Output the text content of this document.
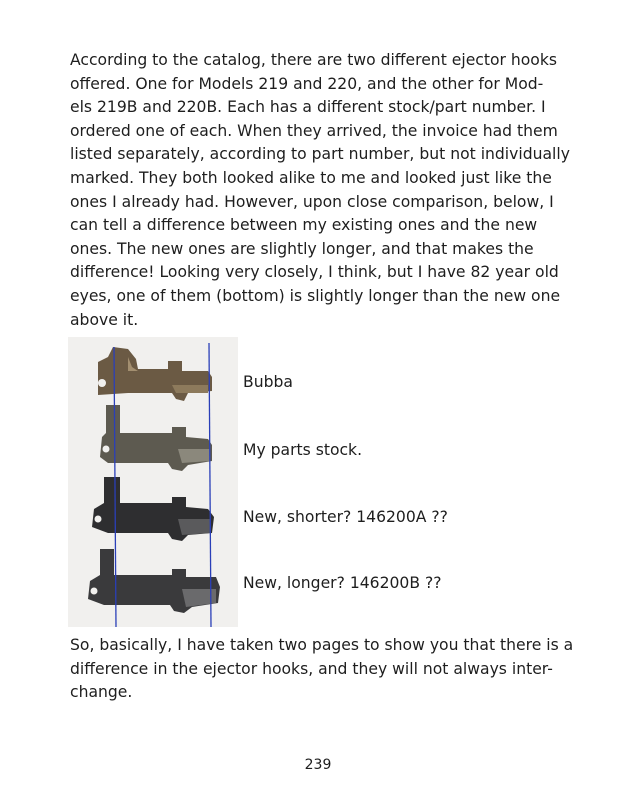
According to the catalog, there are two different ejector hooks
offered. One for Models 219 and 220, and the other for Mod-
els 219B and 220B. Each has a different stock/part number. I
ordered one of each. When they arrived, the invoice had them
listed separately, according to part number, but not individually
marked. They both looked alike to me and looked just like the
ones I already had. However, upon close comparison, below, I
can tell a difference between my existing ones and the new
ones. The new ones are slightly longer, and that makes the
difference! Looking very closely, I think, but I have 82 year old
eyes, one of them (bottom) is slightly longer than the new one
above it.
Bubba
My parts stock.
New, shorter? 146200A ??
New, longer? 146200B ??
So, basically, I have taken two pages to show you that there is a
difference in the ejector hooks, and they will not always inter-
change.
239
